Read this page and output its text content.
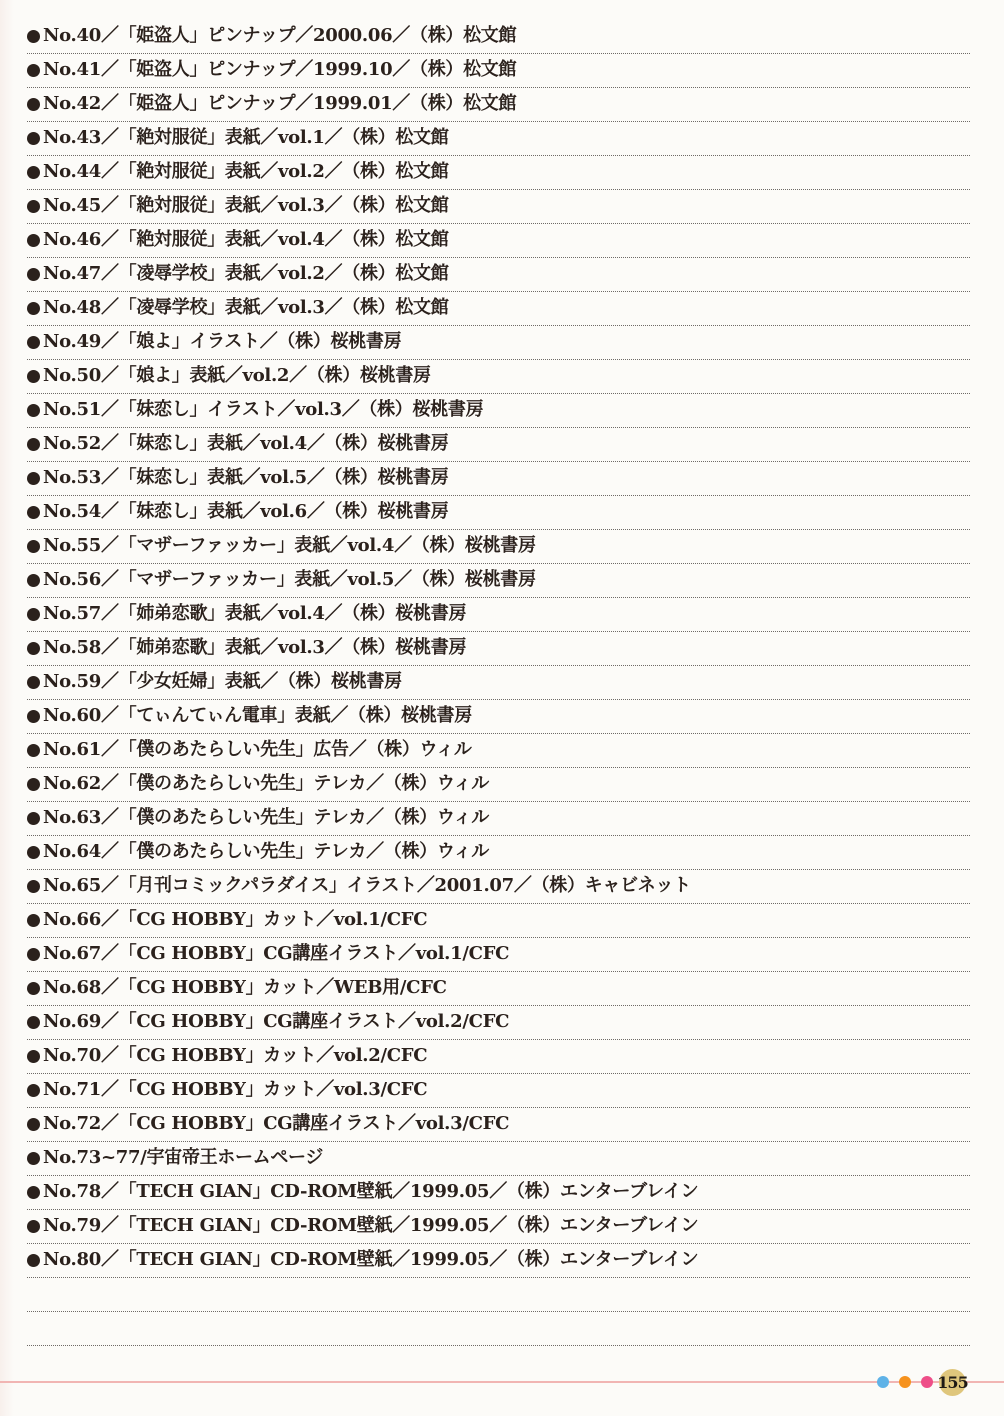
No.40／「姫盗人」ピンナップ／2000.06／（株）松文館
No.41／「姫盗人」ピンナップ／1999.10／（株）松文館
No.42／「姫盗人」ピンナップ／1999.01／（株）松文館
No.43／「絶対服従」表紙／vol.1／（株）松文館
No.44／「絶対服従」表紙／vol.2／（株）松文館
No.45／「絶対服従」表紙／vol.3／（株）松文館
No.46／「絶対服従」表紙／vol.4／（株）松文館
No.47／「凌辱学校」表紙／vol.2／（株）松文館
No.48／「凌辱学校」表紙／vol.3／（株）松文館
No.49／「娘よ」イラスト／（株）桜桃書房
No.50／「娘よ」表紙／vol.2／（株）桜桃書房
No.51／「妹恋し」イラスト／vol.3／（株）桜桃書房
No.52／「妹恋し」表紙／vol.4／（株）桜桃書房
No.53／「妹恋し」表紙／vol.5／（株）桜桃書房
No.54／「妹恋し」表紙／vol.6／（株）桜桃書房
No.55／「マザーファッカー」表紙／vol.4／（株）桜桃書房
No.56／「マザーファッカー」表紙／vol.5／（株）桜桃書房
No.57／「姉弟恋歌」表紙／vol.4／（株）桜桃書房
No.58／「姉弟恋歌」表紙／vol.3／（株）桜桃書房
No.59／「少女妊婦」表紙／（株）桜桃書房
No.60／「てぃんてぃん電車」表紙／（株）桜桃書房
No.61／「僕のあたらしい先生」広告／（株）ウィル
No.62／「僕のあたらしい先生」テレカ／（株）ウィル
No.63／「僕のあたらしい先生」テレカ／（株）ウィル
No.64／「僕のあたらしい先生」テレカ／（株）ウィル
No.65／「月刊コミックパラダイス」イラスト／2001.07／（株）キャビネット
No.66／「CG HOBBY」カット／vol.1/CFC
No.67／「CG HOBBY」CG講座イラスト／vol.1/CFC
No.68／「CG HOBBY」カット／WEB用/CFC
No.69／「CG HOBBY」CG講座イラスト／vol.2/CFC
No.70／「CG HOBBY」カット／vol.2/CFC
No.71／「CG HOBBY」カット／vol.3/CFC
No.72／「CG HOBBY」CG講座イラスト／vol.3/CFC
No.73~77/宇宙帝王ホームページ
No.78／「TECH GIAN」CD-ROM壁紙／1999.05／（株）エンターブレイン
No.79／「TECH GIAN」CD-ROM壁紙／1999.05／（株）エンターブレイン
No.80／「TECH GIAN」CD-ROM壁紙／1999.05／（株）エンターブレイン
155
